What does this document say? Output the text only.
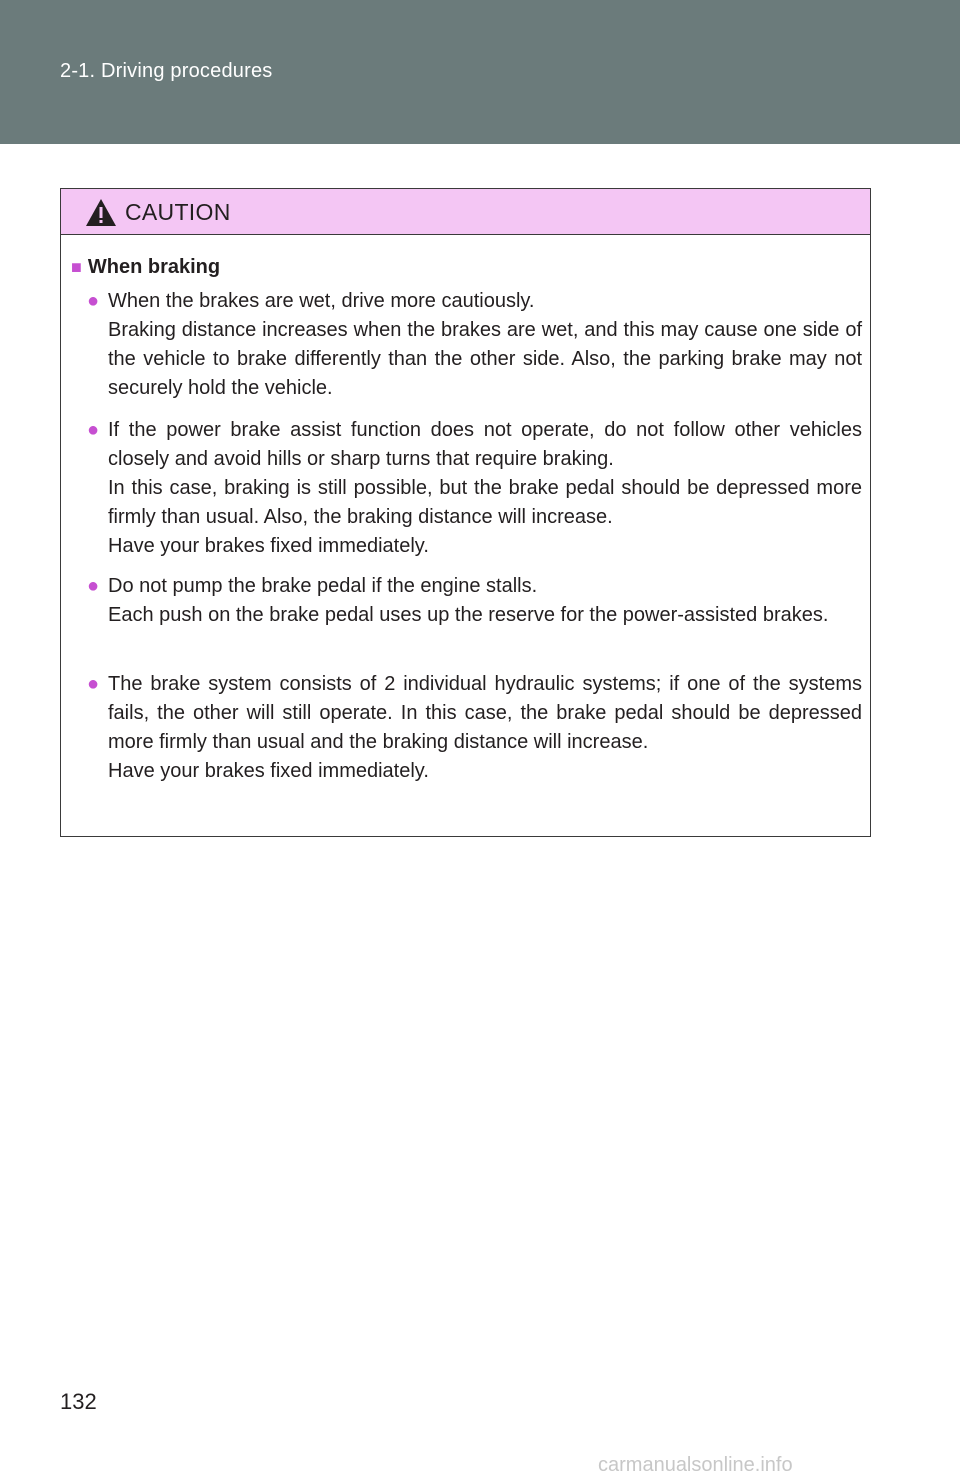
2-1. Driving procedures
CAUTION
■ When braking
● When the brakes are wet, drive more cautiously.

Braking distance increases when the brakes are wet, and this may cause one side of the vehicle to brake differently than the other side. Also, the parking brake may not securely hold the vehicle.

● If the power brake assist function does not operate, do not follow other vehicles closely and avoid hills or sharp turns that require braking.

In this case, braking is still possible, but the brake pedal should be depressed more firmly than usual. Also, the braking distance will increase.

Have your brakes fixed immediately.

● Do not pump the brake pedal if the engine stalls.

Each push on the brake pedal uses up the reserve for the power-assisted brakes.

● The brake system consists of 2 individual hydraulic systems; if one of the systems fails, the other will still operate. In this case, the brake pedal should be depressed more firmly than usual and the braking distance will increase.

Have your brakes fixed immediately.

132
carmanualsonline.info
